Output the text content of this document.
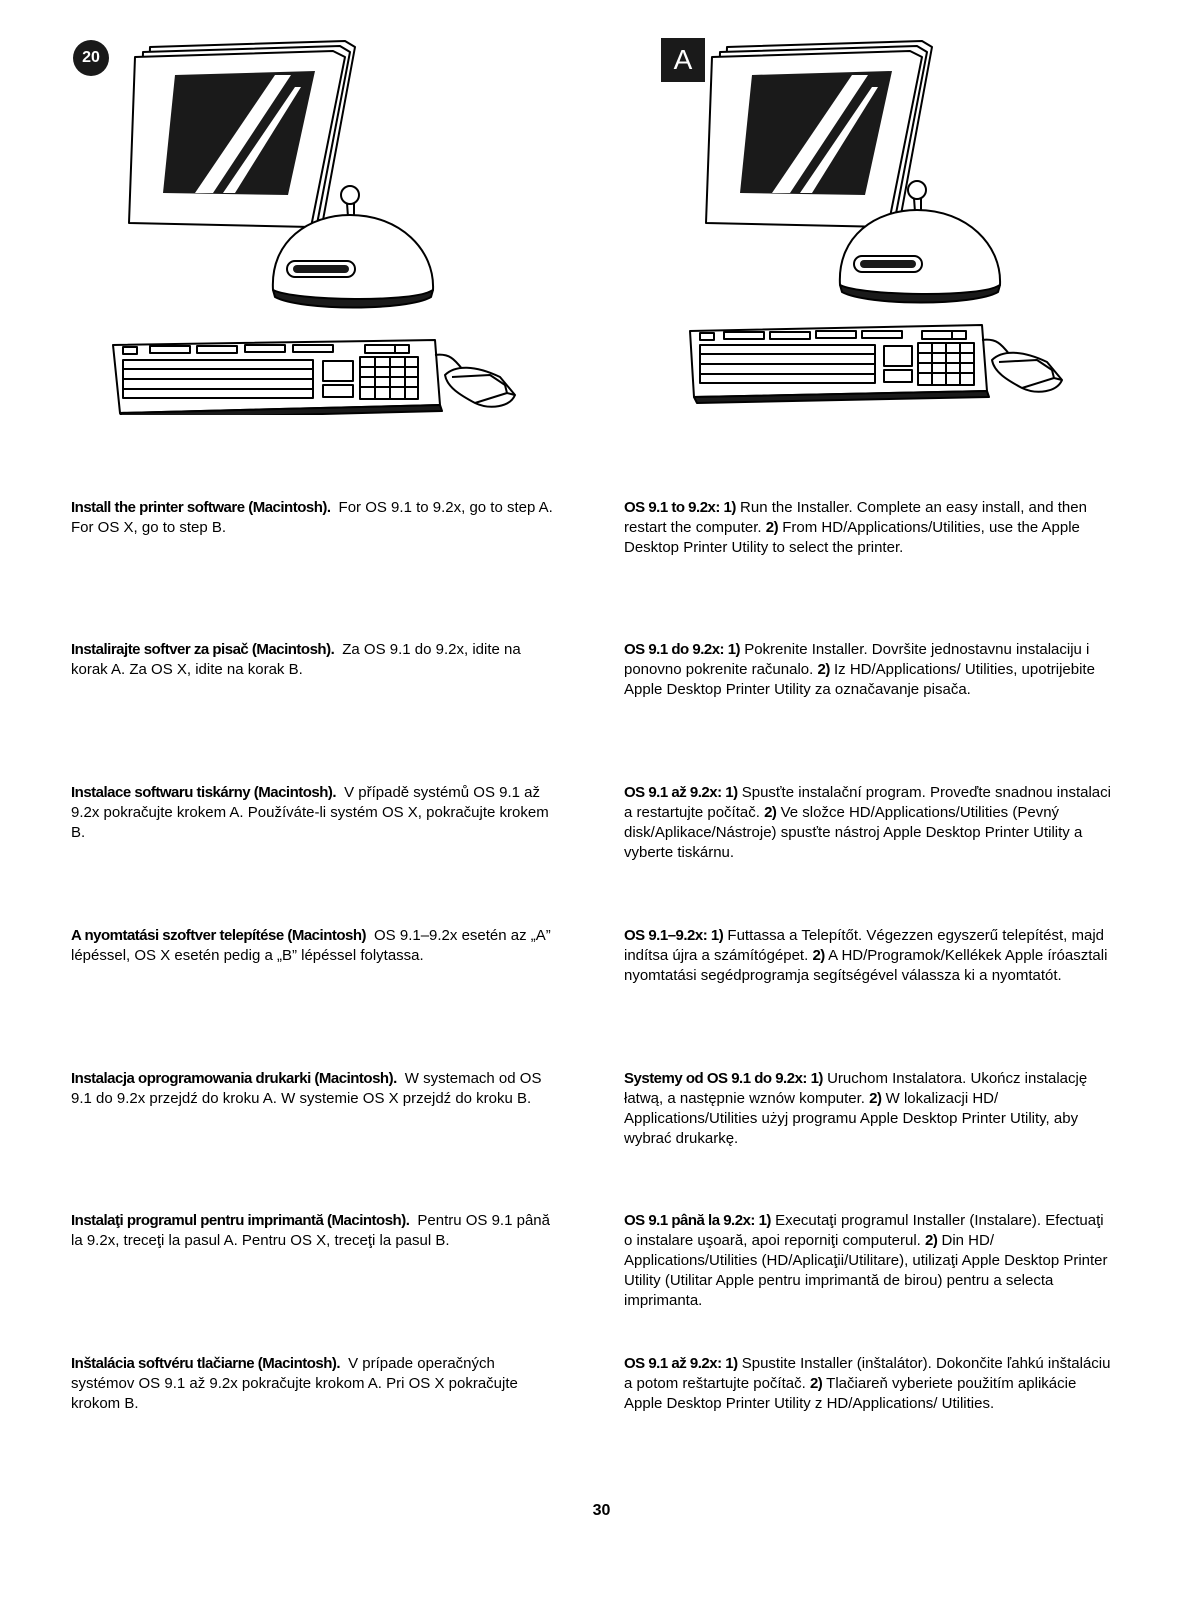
20	A
Install the printer software (Macintosh). For OS 9.1 to 9.2x, go to step A. For OS X, go to step B.
OS 9.1 to 9.2x: 1) Run the Installer. Complete an easy install, and then restart the computer. 2) From HD/Applications/Utilities, use the Apple Desktop Printer Utility to select the printer.
Instalirajte softver za pisač (Macintosh). Za OS 9.1 do 9.2x, idite na korak A. Za OS X, idite na korak B.
OS 9.1 do 9.2x: 1) Pokrenite Installer. Dovršite jednostavnu instalaciju i ponovno pokrenite računalo. 2) Iz HD/Applications/ Utilities, upotrijebite Apple Desktop Printer Utility za označavanje pisača.
Instalace softwaru tiskárny (Macintosh). V případě systémů OS 9.1 až 9.2x pokračujte krokem A. Používáte-li systém OS X, pokračujte krokem B.
OS 9.1 až 9.2x: 1) Spusťte instalační program. Proveďte snadnou instalaci a restartujte počítač. 2) Ve složce HD/Applications/Utilities (Pevný disk/Aplikace/Nástroje) spusťte nástroj Apple Desktop Printer Utility a vyberte tiskárnu.
A nyomtatási szoftver telepítése (Macintosh) OS 9.1–9.2x esetén az „A” lépéssel, OS X esetén pedig a „B” lépéssel folytassa.
OS 9.1–9.2x: 1) Futtassa a Telepítőt. Végezzen egyszerű telepítést, majd indítsa újra a számítógépet. 2) A HD/Programok/Kellékek Apple íróasztali nyomtatási segédprogramja segítségével válassza ki a nyomtatót.
Instalacja oprogramowania drukarki (Macintosh). W systemach od OS 9.1 do 9.2x przejdź do kroku A. W systemie OS X przejdź do kroku B.
Systemy od OS 9.1 do 9.2x: 1) Uruchom Instalatora. Ukończ instalację łatwą, a następnie wznów komputer. 2) W lokalizacji HD/ Applications/Utilities użyj programu Apple Desktop Printer Utility, aby wybrać drukarkę.
Instalaţi programul pentru imprimantă (Macintosh). Pentru OS 9.1 până la 9.2x, treceţi la pasul A. Pentru OS X, treceţi la pasul B.
OS 9.1 până la 9.2x: 1) Executaţi programul Installer (Instalare). Efectuaţi o instalare uşoară, apoi reporniţi computerul. 2) Din HD/ Applications/Utilities (HD/Aplicaţii/Utilitare), utilizaţi Apple Desktop Printer Utility (Utilitar Apple pentru imprimantă de birou) pentru a selecta imprimanta.
Inštalácia softvéru tlačiarne (Macintosh). V prípade operačných systémov OS 9.1 až 9.2x pokračujte krokom A. Pri OS X pokračujte krokom B.
OS 9.1 až 9.2x: 1) Spustite Installer (inštalátor). Dokončite ľahkú inštaláciu a potom reštartujte počítač. 2) Tlačiareň vyberiete použitím aplikácie Apple Desktop Printer Utility z HD/Applications/ Utilities.
30
